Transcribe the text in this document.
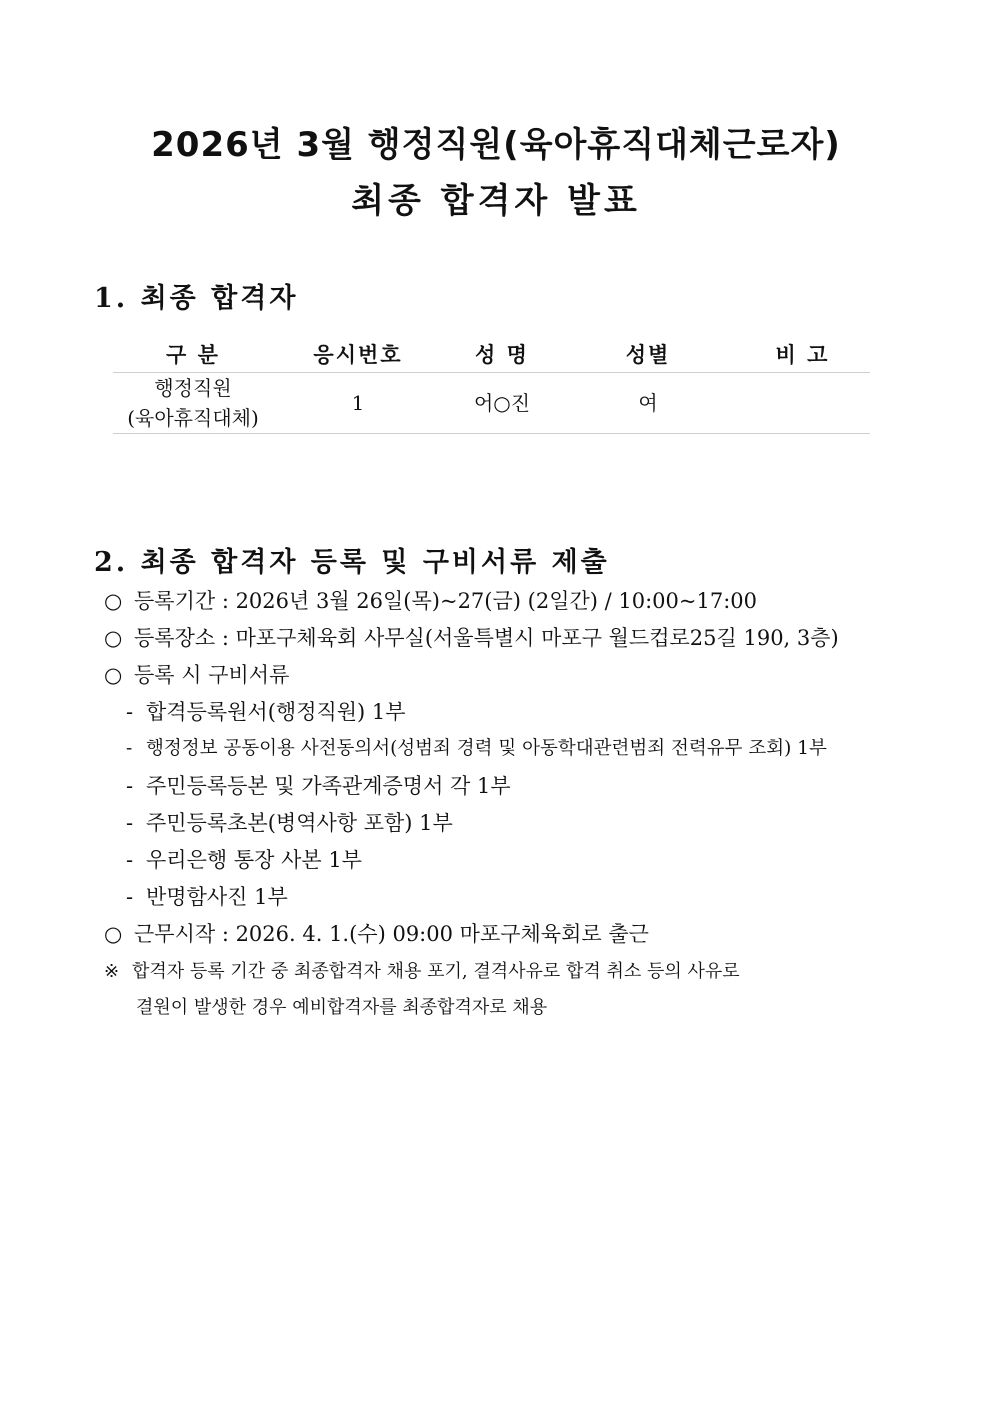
2026년 3월 행정직원(육아휴직대체근로자)
최종 합격자 발표
1. 최종 합격자
구 분	응시번호	성 명	성별	비 고

행정직원
(육아휴직대체)	1	어○진	여	
2. 최종 합격자 등록 및 구비서류 제출
○ 등록기간 : 2026년 3월 26일(목)~27(금) (2일간) / 10:00~17:00
○ 등록장소 : 마포구체육회 사무실(서울특별시 마포구 월드컵로25길 190, 3층)
○ 등록 시 구비서류
- 합격등록원서(행정직원) 1부
- 행정정보 공동이용 사전동의서(성범죄 경력 및 아동학대관련범죄 전력유무 조회) 1부
- 주민등록등본 및 가족관계증명서 각 1부
- 주민등록초본(병역사항 포함) 1부
- 우리은행 통장 사본 1부
- 반명함사진 1부
○ 근무시작 : 2026. 4. 1.(수) 09:00 마포구체육회로 출근
※ 합격자 등록 기간 중 최종합격자 채용 포기, 결격사유로 합격 취소 등의 사유로
결원이 발생한 경우 예비합격자를 최종합격자로 채용
